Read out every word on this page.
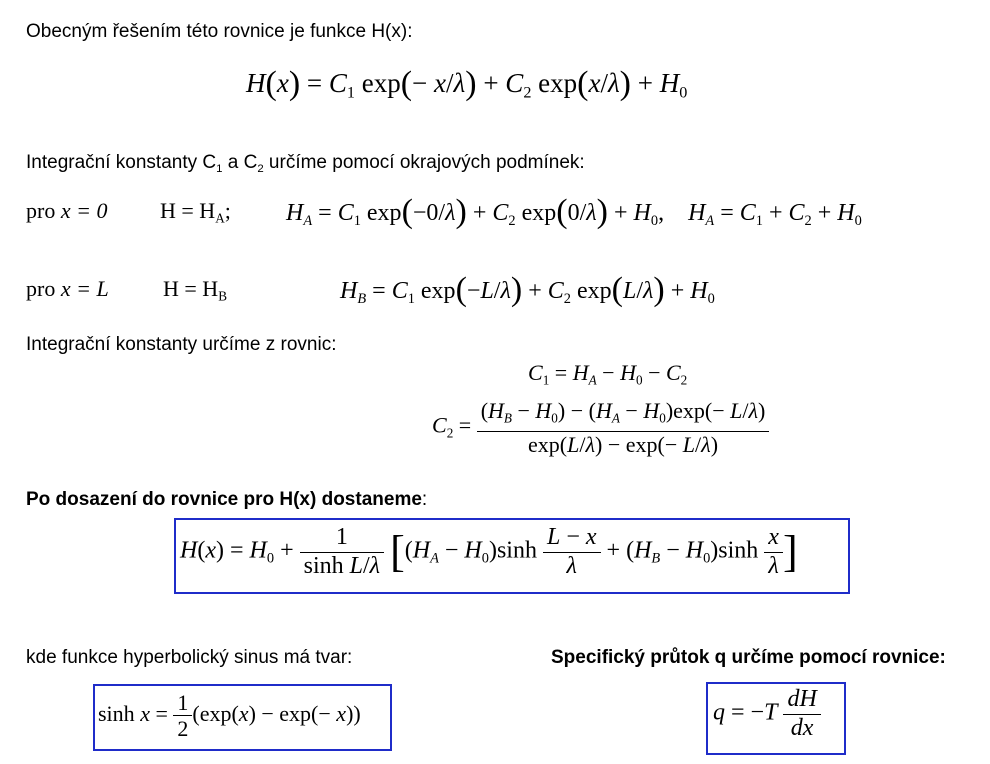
Obecným řešením této rovnice je funkce H(x):
$H(x) = C_1$ $\exp(- x/\lambda) + C_2$ $\exp(x/\lambda) + H_0$
Integrační konstanty $C_1$ a $C_2$ určíme pomocí okrajových podmínek:
pro x = 0 $H = H_A$; $H_A = C_1$ $\exp(-0/\lambda) + C_2$ $\exp(0/\lambda) + H_0$,    $H_A = C_1 + C_2 + H_0$
pro x = L $H = H_B$	$H_B = C_1$ $\exp(-L/\lambda) + C_2$ $\exp(L/\lambda) + H_0$
Integrační konstanty určíme z rovnic:
$C_1 = H_A - H_0 - C_2$
$C_2 = \frac{(H_B - H_0) - (H_A - H_0)\exp(- L/\lambda)}{\exp(L/\lambda) - \exp(- L/\lambda)}$
Po dosazení do rovnice pro H(x) dostaneme:
$H(x) = H_0 + \frac{1}{\text{sinh L/λ}} [(H_A - H_0)\sinh \frac{L - x}{\lambda} + (H_B - H_0)\sinh \frac{x}{\lambda}$ ]
kde funkce hyperbolický sinus má tvar:	Specifický průtok q určíme pomocí rovnice:
$\sinh x = \frac{1}{2} (\exp(x) - \exp(- x))$	$q = -T \frac{dH}{dx}$
